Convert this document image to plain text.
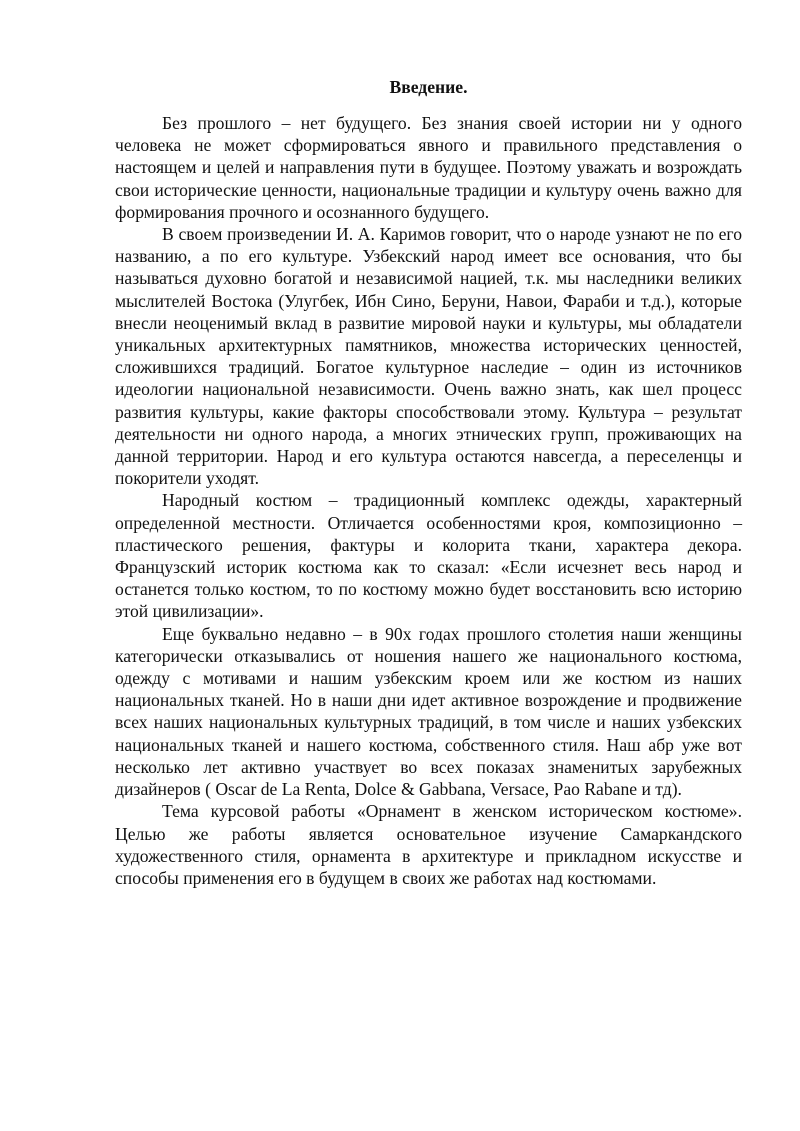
Введение.

Без прошлого – нет будущего. Без знания своей истории ни у одного человека не может сформироваться явного и правильного представления о настоящем и целей и направления пути в будущее. Поэтому уважать и возрождать свои исторические ценности, национальные традиции и культуру очень важно для формирования прочного и осознанного будущего.

В своем произведении И. А. Каримов говорит, что о народе узнают не по его названию, а по его культуре. Узбекский народ имеет все основания, что бы называться духовно богатой и независимой нацией, т.к. мы наследники великих мыслителей Востока (Улугбек, Ибн Сино, Беруни, Навои, Фараби и т.д.), которые внесли неоценимый вклад в развитие мировой науки и культуры, мы обладатели уникальных архитектурных памятников, множества исторических ценностей, сложившихся традиций. Богатое культурное наследие – один из источников идеологии национальной независимости. Очень важно знать, как шел процесс развития культуры, какие факторы способствовали этому. Культура – результат деятельности ни одного народа, а многих этнических групп, проживающих на данной территории. Народ и его культура остаются навсегда, а переселенцы и покорители уходят.

Народный костюм – традиционный комплекс одежды, характерный определенной местности. Отличается особенностями кроя, композиционно – пластического решения, фактуры и колорита ткани, характера декора. Французский историк костюма как то сказал: «Если исчезнет весь народ и останется только костюм, то по костюму можно будет восстановить всю историю этой цивилизации».

Еще буквально недавно – в 90х годах прошлого столетия наши женщины категорически отказывались от ношения нашего же национального костюма, одежду с мотивами и нашим узбекским кроем или же костюм из наших национальных тканей. Но в наши дни идет активное возрождение и продвижение всех наших национальных культурных традиций, в том числе и наших узбекских национальных тканей и нашего костюма, собственного стиля. Наш абр уже вот несколько лет активно участвует во всех показах знаменитых зарубежных дизайнеров ( Oscar de La Renta, Dolce & Gabbana, Versace, Pao Rabane и тд).

Тема курсовой работы «Орнамент в женском историческом костюме». Целью же работы является основательное изучение Самаркандского художественного стиля, орнамента в архитектуре и прикладном искусстве и способы применения его в будущем в своих же работах над костюмами.
